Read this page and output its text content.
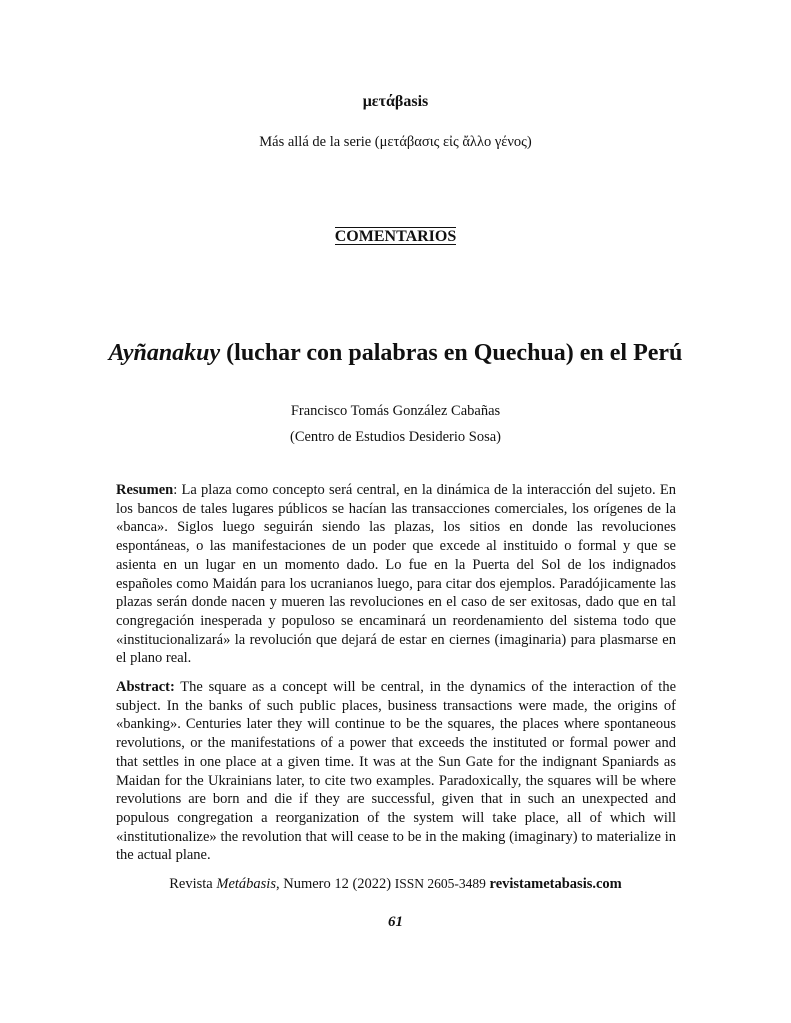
μετάβasis
Más allá de la serie (μετάβασις εἰς ἄλλο γένος)
COMENTARIOS
Ayñanakuy (luchar con palabras en Quechua) en el Perú
Francisco Tomás González Cabañas
(Centro de Estudios Desiderio Sosa)
Resumen: La plaza como concepto será central, en la dinámica de la interacción del sujeto. En los bancos de tales lugares públicos se hacían las transacciones comerciales, los orígenes de la «banca». Siglos luego seguirán siendo las plazas, los sitios en donde las revoluciones espontáneas, o las manifestaciones de un poder que excede al instituido o formal y que se asienta en un lugar en un momento dado. Lo fue en la Puerta del Sol de los indignados españoles como Maidán para los ucranianos luego, para citar dos ejemplos. Paradójicamente las plazas serán donde nacen y mueren las revoluciones en el caso de ser exitosas, dado que en tal congregación inesperada y populoso se encaminará un reordenamiento del sistema todo que «institucionalizará» la revolución que dejará de estar en ciernes (imaginaria) para plasmarse en el plano real.
Abstract: The square as a concept will be central, in the dynamics of the interaction of the subject. In the banks of such public places, business transactions were made, the origins of «banking». Centuries later they will continue to be the squares, the places where spontaneous revolutions, or the manifestations of a power that exceeds the instituted or formal power and that settles in one place at a given time. It was at the Sun Gate for the indignant Spaniards as Maidan for the Ukrainians later, to cite two examples. Paradoxically, the squares will be where revolutions are born and die if they are successful, given that in such an unexpected and populous congregation a reorganization of the system will take place, all of which will «institutionalize» the revolution that will cease to be in the making (imaginary) to materialize in the actual plane.
Revista Metábasis, Numero 12 (2022) ISSN 2605-3489 revistametabasis.com
61
